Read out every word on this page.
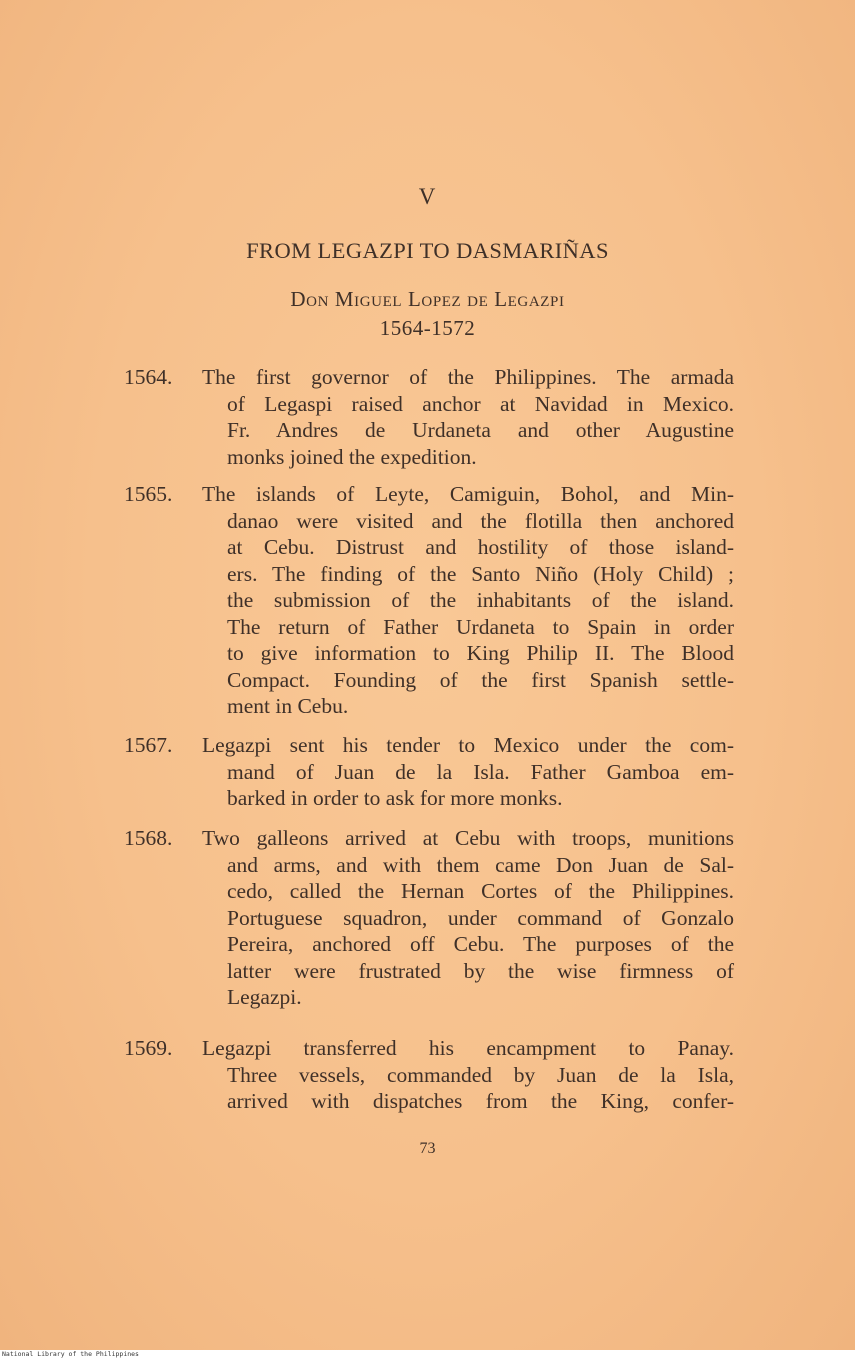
V
FROM LEGAZPI TO DASMARIÑAS
Don Miguel Lopez de Legazpi
1564-1572
1564. The first governor of the Philippines. The armada
of Legaspi raised anchor at Navidad in Mexico.
Fr. Andres de Urdaneta and other Augustine
monks joined the expedition.
1565. The islands of Leyte, Camiguin, Bohol, and Min-
danao were visited and the flotilla then anchored
at Cebu. Distrust and hostility of those island-
ers. The finding of the Santo Niño (Holy Child) ;
the submission of the inhabitants of the island.
The return of Father Urdaneta to Spain in order
to give information to King Philip II. The Blood
Compact. Founding of the first Spanish settle-
ment in Cebu.
1567. Legazpi sent his tender to Mexico under the com-
mand of Juan de la Isla. Father Gamboa em-
barked in order to ask for more monks.
1568. Two galleons arrived at Cebu with troops, munitions
and arms, and with them came Don Juan de Sal-
cedo, called the Hernan Cortes of the Philippines.
Portuguese squadron, under command of Gonzalo
Pereira, anchored off Cebu. The purposes of the
latter were frustrated by the wise firmness of
Legazpi.
1569. Legazpi transferred his encampment to Panay.
Three vessels, commanded by Juan de la Isla,
arrived with dispatches from the King, confer-
73
National Library of the Philippines
